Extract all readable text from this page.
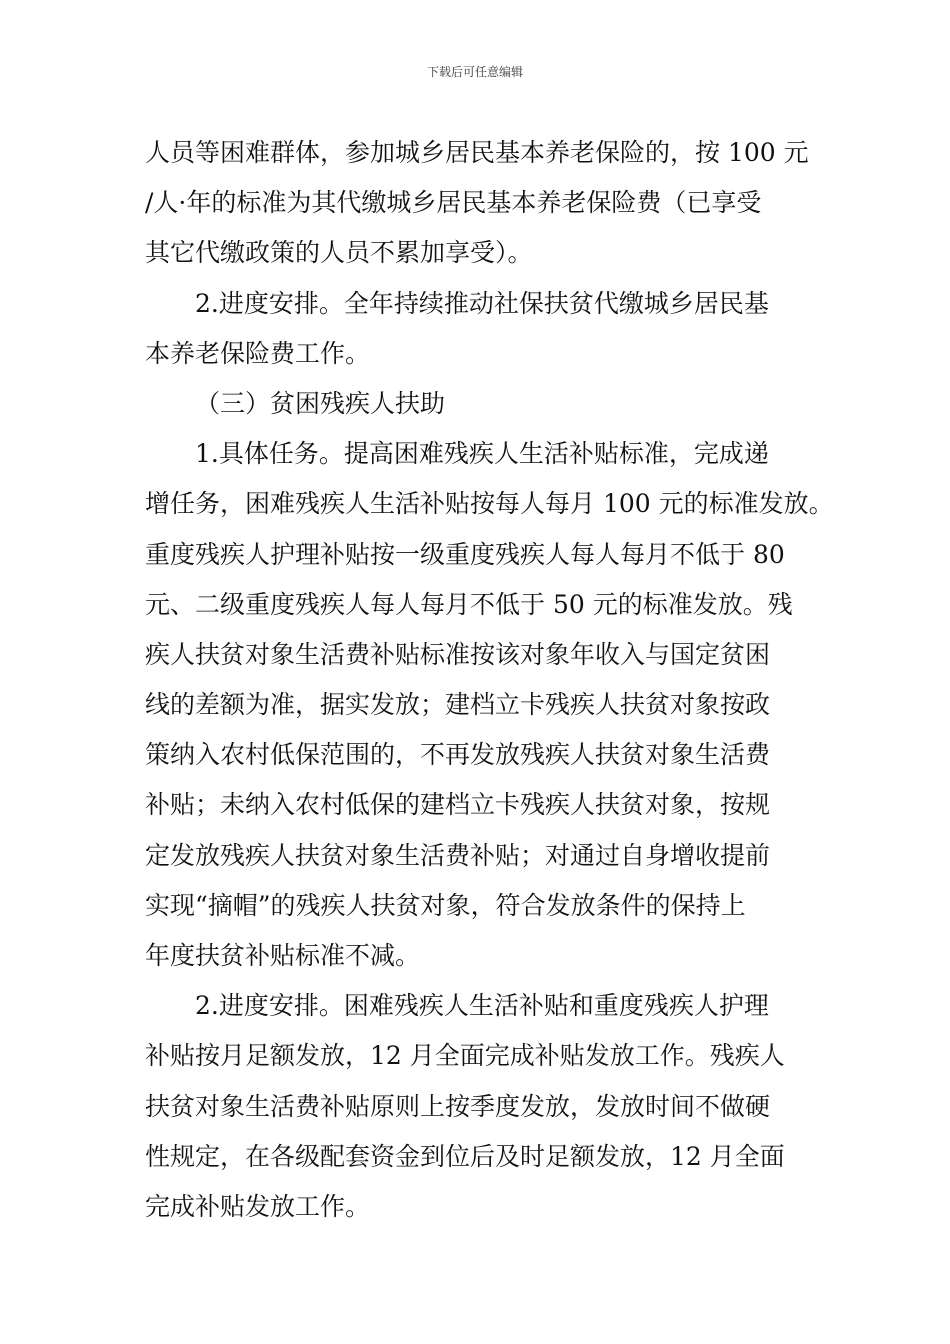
下载后可任意编辑
人员等困难群体，参加城乡居民基本养老保险的，按 100 元
/人·年的标准为其代缴城乡居民基本养老保险费（已享受
其它代缴政策的人员不累加享受）。
2.进度安排。全年持续推动社保扶贫代缴城乡居民基
本养老保险费工作。
（三）贫困残疾人扶助
1.具体任务。提高困难残疾人生活补贴标准，完成递
增任务，困难残疾人生活补贴按每人每月 100 元的标准发放。
重度残疾人护理补贴按一级重度残疾人每人每月不低于 80
元、二级重度残疾人每人每月不低于 50 元的标准发放。残
疾人扶贫对象生活费补贴标准按该对象年收入与国定贫困
线的差额为准，据实发放；建档立卡残疾人扶贫对象按政
策纳入农村低保范围的，不再发放残疾人扶贫对象生活费
补贴；未纳入农村低保的建档立卡残疾人扶贫对象，按规
定发放残疾人扶贫对象生活费补贴；对通过自身增收提前
实现“摘帽”的残疾人扶贫对象，符合发放条件的保持上
年度扶贫补贴标准不减。
2.进度安排。困难残疾人生活补贴和重度残疾人护理
补贴按月足额发放，12 月全面完成补贴发放工作。残疾人
扶贫对象生活费补贴原则上按季度发放，发放时间不做硬
性规定，在各级配套资金到位后及时足额发放，12 月全面
完成补贴发放工作。
